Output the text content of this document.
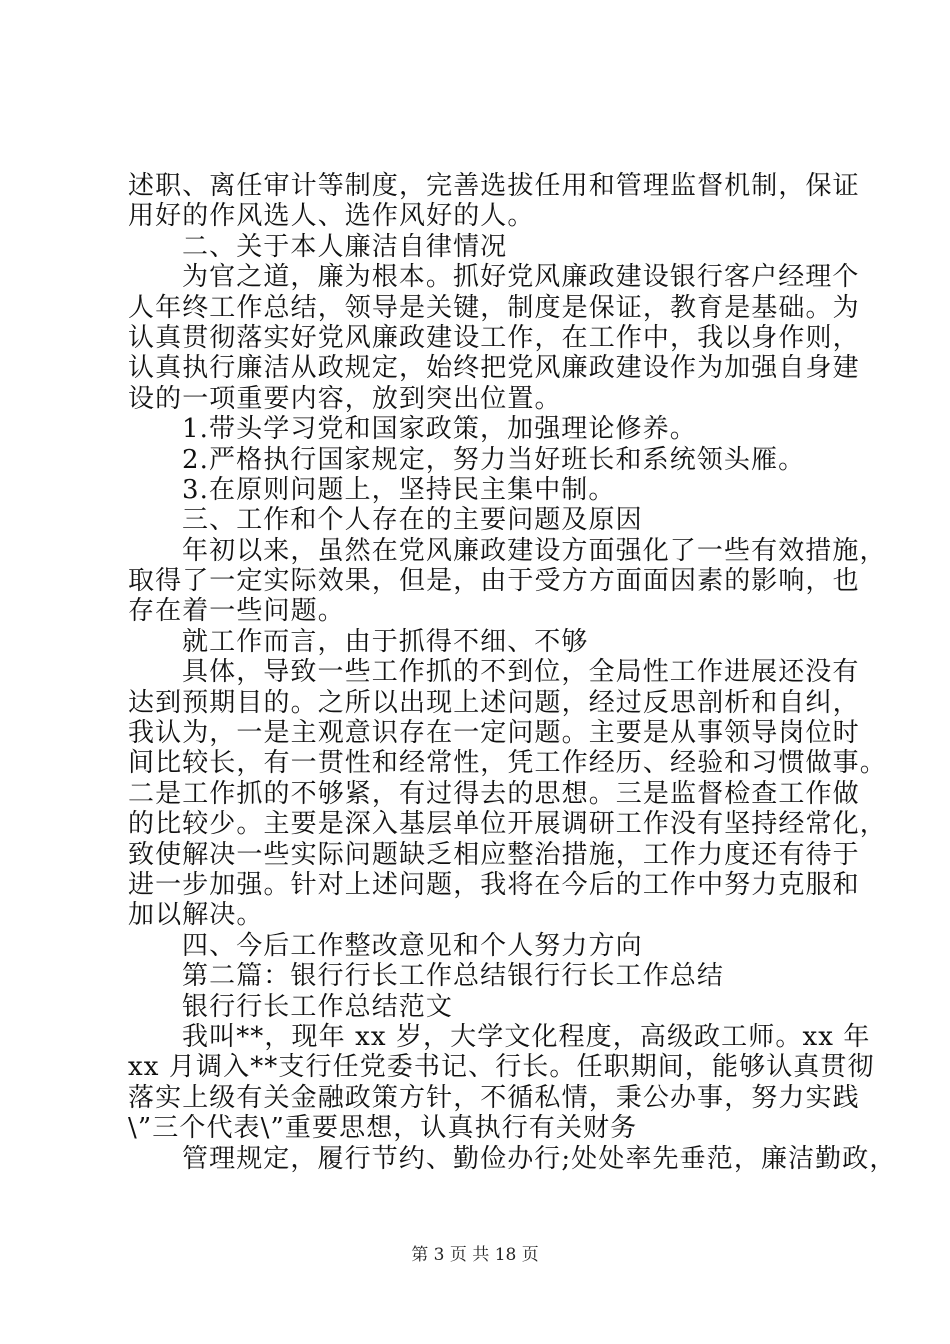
述职、离任审计等制度，完善选拔任用和管理监督机制，保证
用好的作风选人、选作风好的人。
二、关于本人廉洁自律情况
为官之道，廉为根本。抓好党风廉政建设银行客户经理个
人年终工作总结，领导是关键，制度是保证，教育是基础。为
认真贯彻落实好党风廉政建设工作，在工作中，我以身作则，
认真执行廉洁从政规定，始终把党风廉政建设作为加强自身建
设的一项重要内容，放到突出位置。
1.带头学习党和国家政策，加强理论修养。
2.严格执行国家规定，努力当好班长和系统领头雁。
3.在原则问题上，坚持民主集中制。
三、工作和个人存在的主要问题及原因
年初以来，虽然在党风廉政建设方面强化了一些有效措施，
取得了一定实际效果，但是，由于受方方面面因素的影响，也
存在着一些问题。
就工作而言，由于抓得不细、不够
具体，导致一些工作抓的不到位，全局性工作进展还没有
达到预期目的。之所以出现上述问题，经过反思剖析和自纠，
我认为，一是主观意识存在一定问题。主要是从事领导岗位时
间比较长，有一贯性和经常性，凭工作经历、经验和习惯做事。
二是工作抓的不够紧，有过得去的思想。三是监督检查工作做
的比较少。主要是深入基层单位开展调研工作没有坚持经常化，
致使解决一些实际问题缺乏相应整治措施，工作力度还有待于
进一步加强。针对上述问题，我将在今后的工作中努力克服和
加以解决。
四、今后工作整改意见和个人努力方向
第二篇：银行行长工作总结银行行长工作总结
银行行长工作总结范文
我叫**，现年 xx 岁，大学文化程度，高级政工师。xx 年
xx 月调入**支行任党委书记、行长。任职期间，能够认真贯彻
落实上级有关金融政策方针，不循私情，秉公办事，努力实践
\”三个代表\”重要思想，认真执行有关财务
管理规定，履行节约、勤俭办行;处处率先垂范，廉洁勤政，
第 3 页 共 18 页
